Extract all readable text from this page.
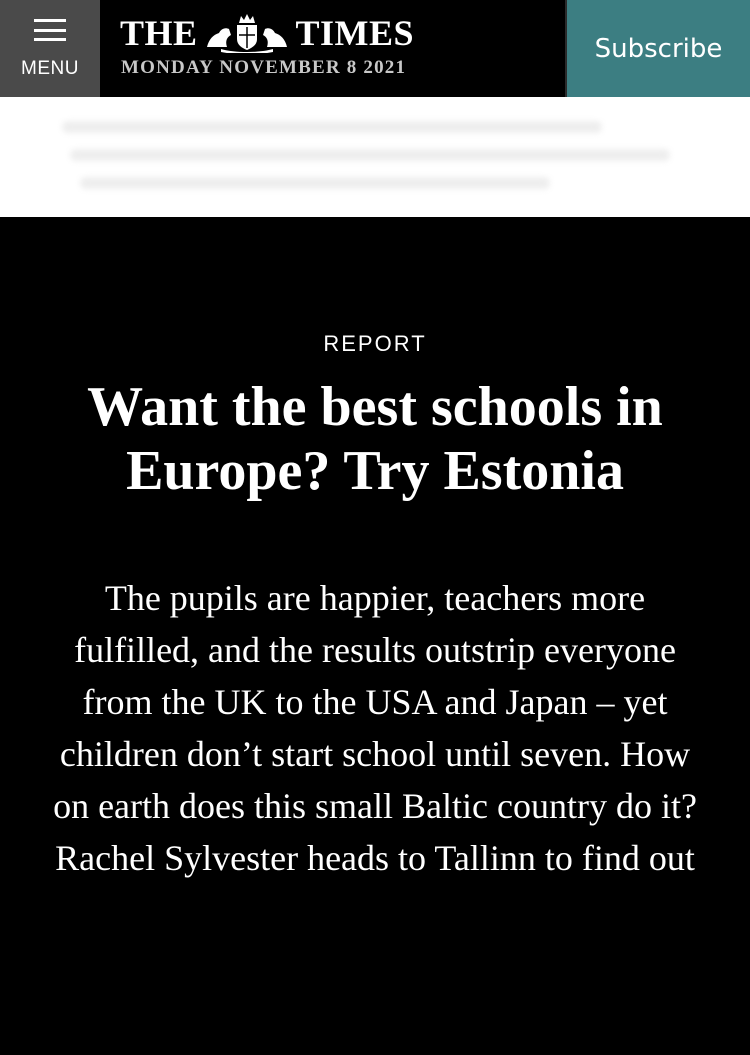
MENU
THE	TIMES
MONDAY NOVEMBER 8 2021
Subscribe
REPORT
Want the best schools in Europe? Try Estonia

The pupils are happier, teachers more fulfilled, and the results outstrip everyone from the UK to the USA and Japan – yet children don’t start school until seven. How on earth does this small Baltic country do it? Rachel Sylvester heads to Tallinn to find out
